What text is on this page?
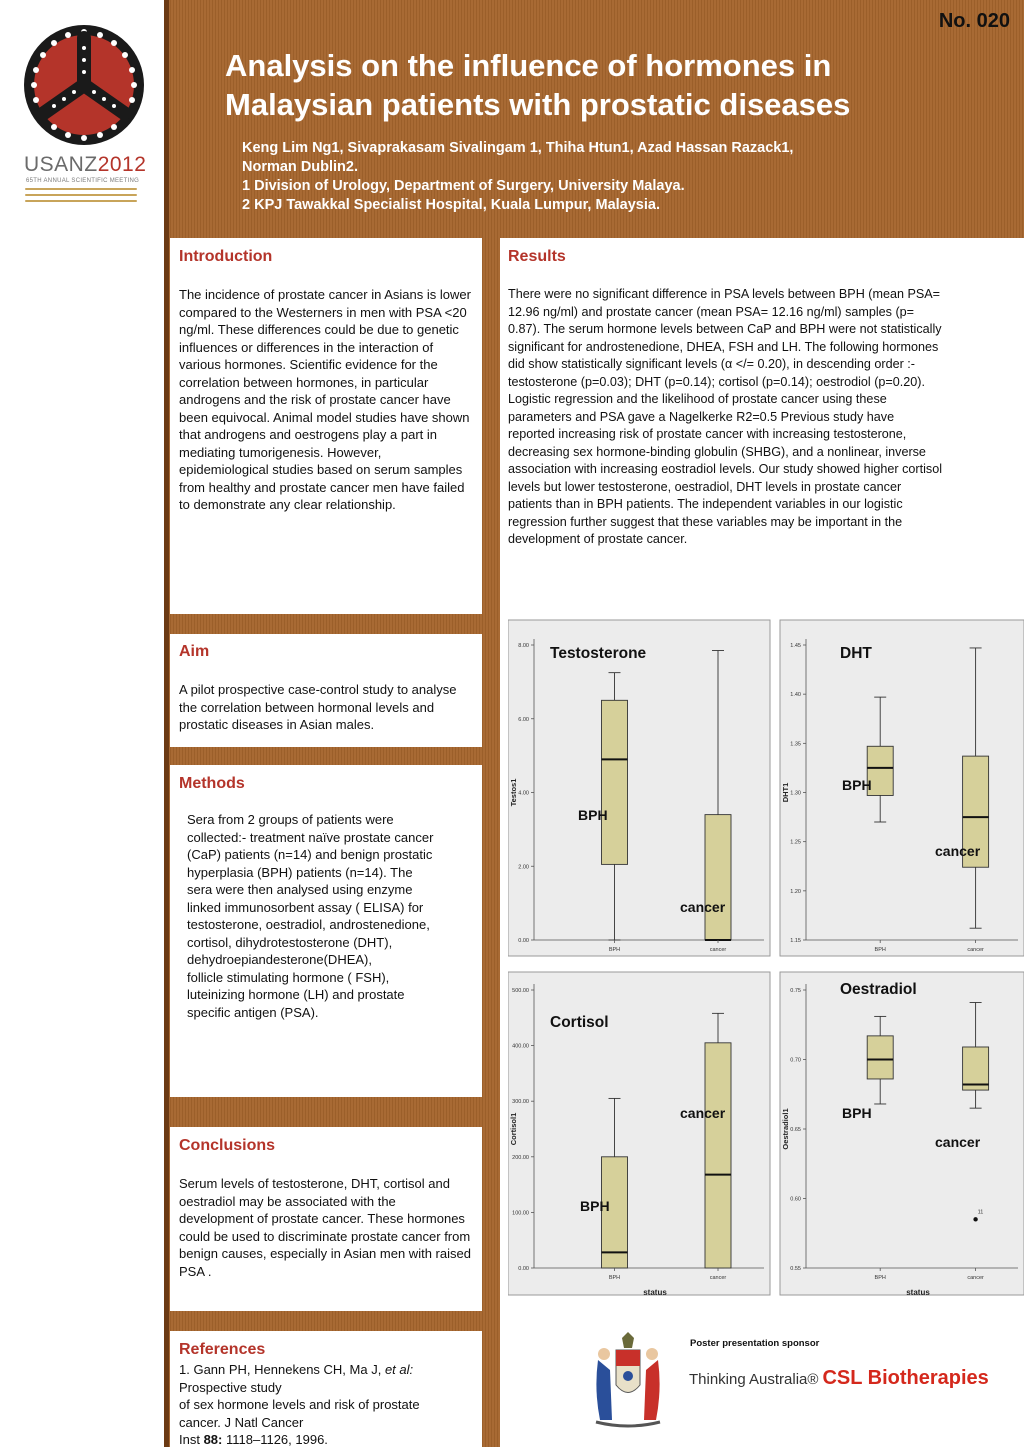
USANZ2012
65TH ANNUAL SCIENTIFIC MEETING
No. 020
Analysis on the influence of hormones in
Malaysian patients with prostatic diseases
Keng Lim Ng1, Sivaprakasam Sivalingam 1, Thiha Htun1, Azad Hassan Razack1,
Norman Dublin2.
1 Division of Urology, Department of Surgery, University Malaya.
2 KPJ Tawakkal Specialist Hospital, Kuala Lumpur, Malaysia.
Introduction
The incidence of prostate cancer in Asians is lower compared to the Westerners in men with PSA <20 ng/ml. These differences could be due to genetic influences or differences in the interaction of various hormones. Scientific evidence for the correlation between hormones, in particular androgens and the risk of prostate cancer have been equivocal. Animal model studies have shown that androgens and oestrogens play a part in mediating tumorigenesis. However, epidemiological studies based on serum samples from healthy and prostate cancer men have failed to demonstrate any clear relationship.
Aim
A pilot prospective case-control study to analyse the correlation between hormonal levels and prostatic diseases in Asian males.
Methods
Sera from 2 groups of patients were
collected:- treatment naïve prostate cancer
(CaP) patients (n=14) and benign prostatic
hyperplasia (BPH) patients (n=14). The
sera were then analysed using enzyme
linked immunosorbent assay ( ELISA) for
testosterone, oestradiol, androstenedione,
cortisol, dihydrotestosterone (DHT),
dehydroepiandesterone(DHEA),
follicle stimulating hormone ( FSH),
luteinizing hormone (LH) and prostate
specific antigen (PSA).
Conclusions
Serum levels of testosterone, DHT, cortisol and oestradiol may be associated with the development of prostate cancer. These hormones could be used to discriminate prostate cancer from benign causes, especially in Asian men with raised PSA .
References
1. Gann PH, Hennekens CH, Ma J, et al:
Prospective study
of sex hormone levels and risk of prostate
cancer. J Natl Cancer
Inst 88: 1118–1126, 1996.
Results
There were no significant difference in PSA levels between BPH (mean PSA=
12.96 ng/ml) and prostate cancer (mean PSA= 12.16 ng/ml) samples (p=
0.87). The serum hormone levels between CaP and BPH were not statistically
significant for androstenedione, DHEA, FSH and LH. The following hormones
did show statistically significant levels (α </= 0.20), in descending order :-
testosterone (p=0.03); DHT (p=0.14); cortisol (p=0.14); oestrodiol (p=0.20).
Logistic regression and the likelihood of prostate cancer using these
parameters and PSA gave a Nagelkerke R2=0.5 Previous study have
reported increasing risk of prostate cancer with increasing testosterone,
decreasing sex hormone-binding globulin (SHBG), and a nonlinear, inverse
association with increasing eostradiol levels. Our study showed higher cortisol
levels but lower testosterone, oestradiol, DHT levels in prostate cancer
patients than in BPH patients. The independent variables in our logistic
regression further suggest that these variables may be important in the
development of prostate cancer.
0.00
2.00
4.00
6.00
8.00
Testos1
BPH	cancer
Testosterone
BPH
cancer
1.15
1.20
1.25
1.30
1.35
1.40
1.45
DHT1
BPH	cancer
DHT
BPH
cancer
0.00
100.00
200.00
300.00
400.00
500.00
Cortisol1
BPH	cancer
status
Cortisol
BPH
cancer
0.55
0.60
0.65
0.70
0.75
Oestradiol1
BPH	cancer
11
status
Oestradiol
BPH
cancer
Poster presentation sponsor
Thinking Australia® CSL Biotherapies
